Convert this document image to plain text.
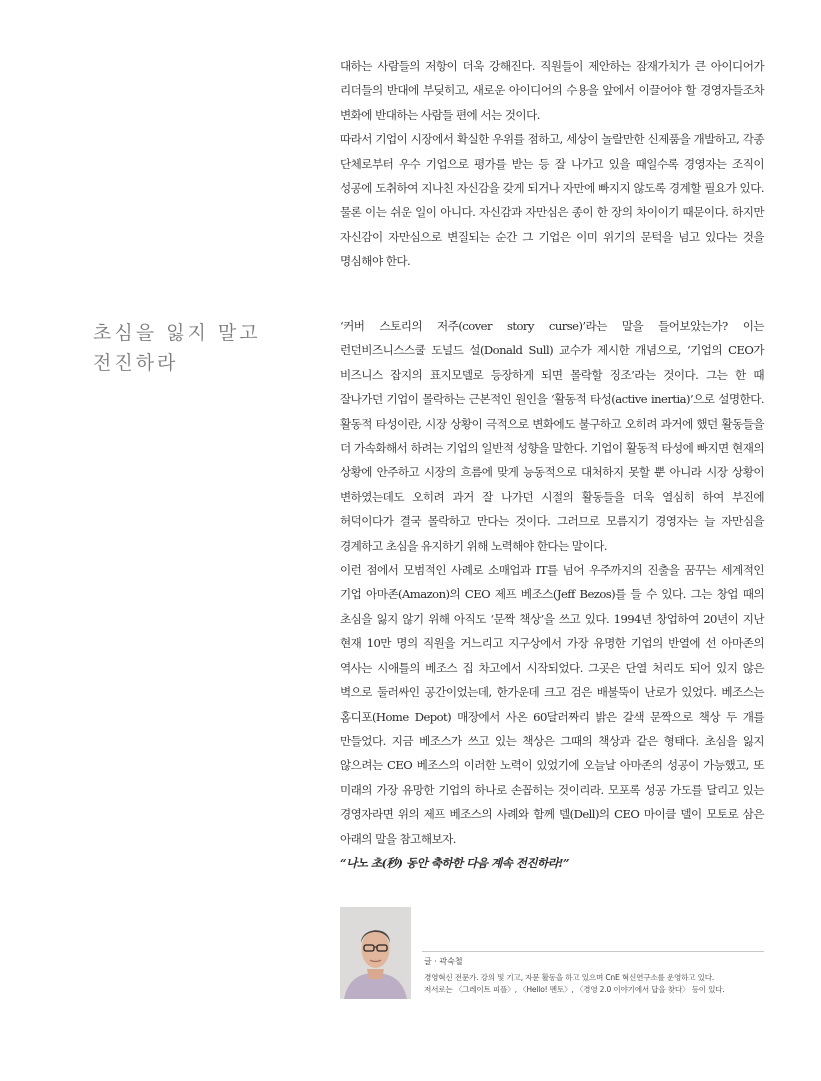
대하는 사람들의 저항이 더욱 강해진다. 직원들이 제안하는 잠재가치가 큰 아이디어가 리더들의 반대에 부딪히고, 새로운 아이디어의 수용을 앞에서 이끌어야 할 경영자들조차 변화에 반대하는 사람들 편에 서는 것이다.

따라서 기업이 시장에서 확실한 우위를 점하고, 세상이 놀랄만한 신제품을 개발하고, 각종 단체로부터 우수 기업으로 평가를 받는 등 잘 나가고 있을 때일수록 경영자는 조직이 성공에 도취하여 지나친 자신감을 갖게 되거나 자만에 빠지지 않도록 경계할 필요가 있다. 물론 이는 쉬운 일이 아니다. 자신감과 자만심은 종이 한 장의 차이이기 때문이다. 하지만 자신감이 자만심으로 변질되는 순간 그 기업은 이미 위기의 문턱을 넘고 있다는 것을 명심해야 한다.

초심을 잃지 말고
전진하라

‘커버 스토리의 저주(cover story curse)’라는 말을 들어보았는가? 이는 런던비즈니스스쿨 도널드 설(Donald Sull) 교수가 제시한 개념으로, ‘기업의 CEO가 비즈니스 잡지의 표지모델로 등장하게 되면 몰락할 징조’라는 것이다. 그는 한 때 잘나가던 기업이 몰락하는 근본적인 원인을 ‘활동적 타성(active inertia)’으로 설명한다. 활동적 타성이란, 시장 상황이 극적으로 변화에도 불구하고 오히려 과거에 했던 활동들을 더 가속화해서 하려는 기업의 일반적 성향을 말한다. 기업이 활동적 타성에 빠지면 현재의 상황에 안주하고 시장의 흐름에 맞게 능동적으로 대처하지 못할 뿐 아니라 시장 상황이 변하였는데도 오히려 과거 잘 나가던 시절의 활동들을 더욱 열심히 하여 부진에 허덕이다가 결국 몰락하고 만다는 것이다. 그러므로 모름지기 경영자는 늘 자만심을 경계하고 초심을 유지하기 위해 노력해야 한다는 말이다.

이런 점에서 모범적인 사례로 소매업과 IT를 넘어 우주까지의 진출을 꿈꾸는 세계적인 기업 아마존(Amazon)의 CEO 제프 베조스(Jeff Bezos)를 들 수 있다. 그는 창업 때의 초심을 잃지 않기 위해 아직도 ‘문짝 책상’을 쓰고 있다. 1994년 창업하여 20년이 지난 현재 10만 명의 직원을 거느리고 지구상에서 가장 유명한 기업의 반열에 선 아마존의 역사는 시애틀의 베조스 집 차고에서 시작되었다. 그곳은 단열 처리도 되어 있지 않은 벽으로 둘러싸인 공간이었는데, 한가운데 크고 검은 배불뚝이 난로가 있었다. 베조스는 홈디포(Home Depot) 매장에서 사온 60달러짜리 밝은 갈색 문짝으로 책상 두 개를 만들었다. 지금 베조스가 쓰고 있는 책상은 그때의 책상과 같은 형태다. 초심을 잃지 않으려는 CEO 베조스의 이러한 노력이 있었기에 오늘날 아마존의 성공이 가능했고, 또 미래의 가장 유망한 기업의 하나로 손꼽히는 것이리라. 모포록 성공 가도를 달리고 있는 경영자라면 위의 제프 베조스의 사례와 함께 델(Dell)의 CEO 마이클 델이 모토로 삼은 아래의 말을 참고해보자.

“나노 초(秒) 동안 축하한 다음 계속 전진하라!”

글 · 곽숙철

경영혁신 전문가. 강의 및 기고, 자문 활동을 하고 있으며 CnE 혁신연구소를 운영하고 있다.
저서로는 〈그레이트 피플〉, 〈Hello! 멘토〉, 〈경영 2.0 이야기에서 답을 찾다〉 등이 있다.
